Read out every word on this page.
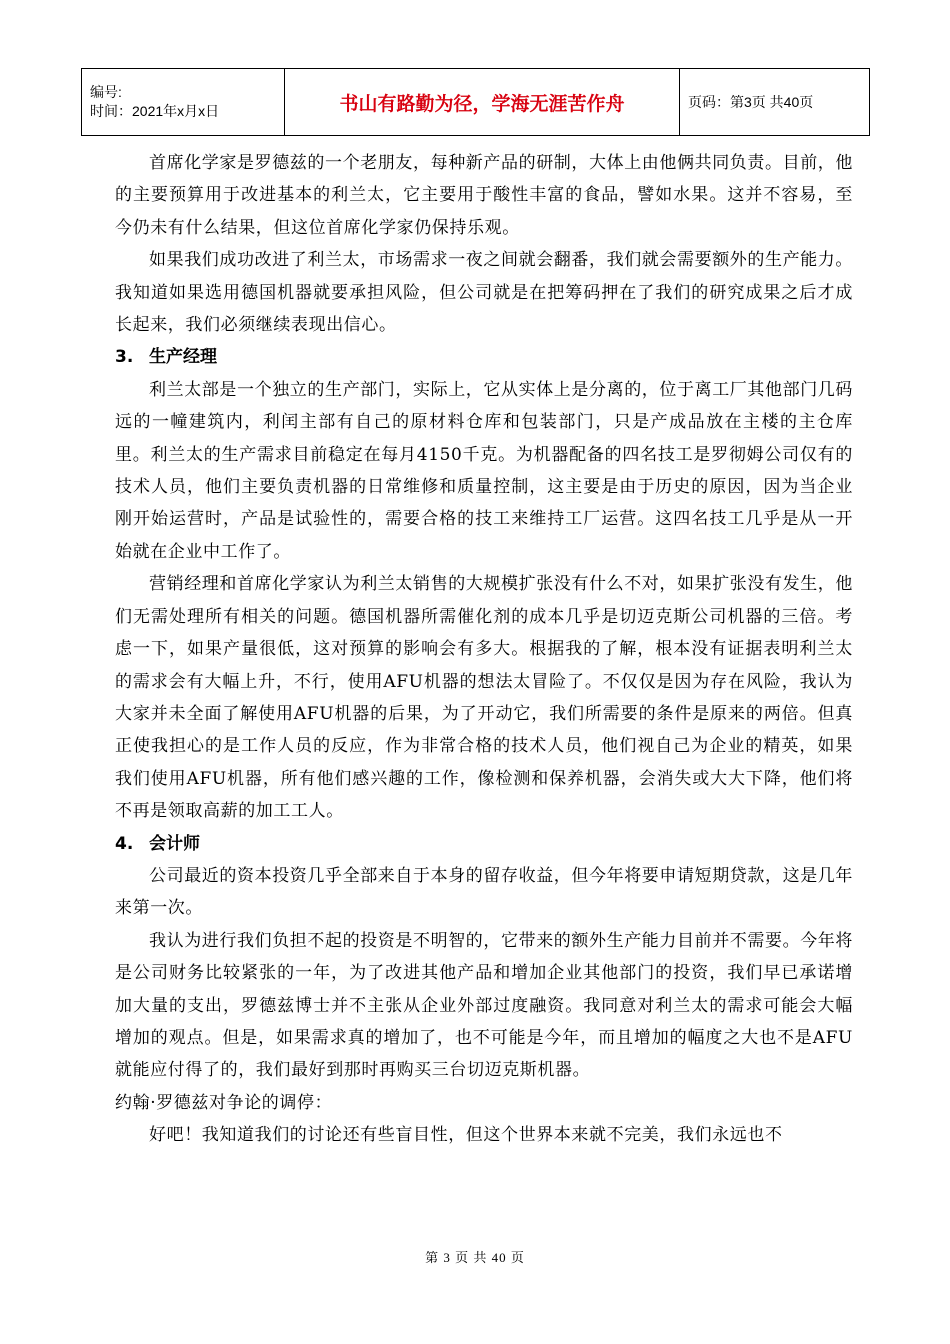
编号:
时间：2021年x月x日	书山有路勤为径，学海无涯苦作舟	页码：第3页 共40页

首席化学家是罗德兹的一个老朋友，每种新产品的研制，大体上由他俩共同负责。目前，他的主要预算用于改进基本的利兰太，它主要用于酸性丰富的食品，譬如水果。这并不容易，至今仍未有什么结果，但这位首席化学家仍保持乐观。

如果我们成功改进了利兰太，市场需求一夜之间就会翻番，我们就会需要额外的生产能力。我知道如果选用德国机器就要承担风险，但公司就是在把筹码押在了我们的研究成果之后才成长起来，我们必须继续表现出信心。

3. 生产经理

利兰太部是一个独立的生产部门，实际上，它从实体上是分离的，位于离工厂其他部门几码远的一幢建筑内，利闰主部有自己的原材料仓库和包装部门，只是产成品放在主楼的主仓库里。利兰太的生产需求目前稳定在每月4150千克。为机器配备的四名技工是罗彻姆公司仅有的技术人员，他们主要负责机器的日常维修和质量控制，这主要是由于历史的原因，因为当企业刚开始运营时，产品是试验性的，需要合格的技工来维持工厂运营。这四名技工几乎是从一开始就在企业中工作了。

营销经理和首席化学家认为利兰太销售的大规模扩张没有什么不对，如果扩张没有发生，他们无需处理所有相关的问题。德国机器所需催化剂的成本几乎是切迈克斯公司机器的三倍。考虑一下，如果产量很低，这对预算的影响会有多大。根据我的了解，根本没有证据表明利兰太的需求会有大幅上升，不行，使用AFU机器的想法太冒险了。不仅仅是因为存在风险，我认为大家并未全面了解使用AFU机器的后果，为了开动它，我们所需要的条件是原来的两倍。但真正使我担心的是工作人员的反应，作为非常合格的技术人员，他们视自己为企业的精英，如果我们使用AFU机器，所有他们感兴趣的工作，像检测和保养机器，会消失或大大下降，他们将不再是领取高薪的加工工人。

4. 会计师

公司最近的资本投资几乎全部来自于本身的留存收益，但今年将要申请短期贷款，这是几年来第一次。

我认为进行我们负担不起的投资是不明智的，它带来的额外生产能力目前并不需要。今年将是公司财务比较紧张的一年，为了改进其他产品和增加企业其他部门的投资，我们早已承诺增加大量的支出，罗德兹博士并不主张从企业外部过度融资。我同意对利兰太的需求可能会大幅增加的观点。但是，如果需求真的增加了，也不可能是今年，而且增加的幅度之大也不是AFU就能应付得了的，我们最好到那时再购买三台切迈克斯机器。

约翰·罗德兹对争论的调停：

好吧！我知道我们的讨论还有些盲目性，但这个世界本来就不完美，我们永远也不

第 3 页 共 40 页
